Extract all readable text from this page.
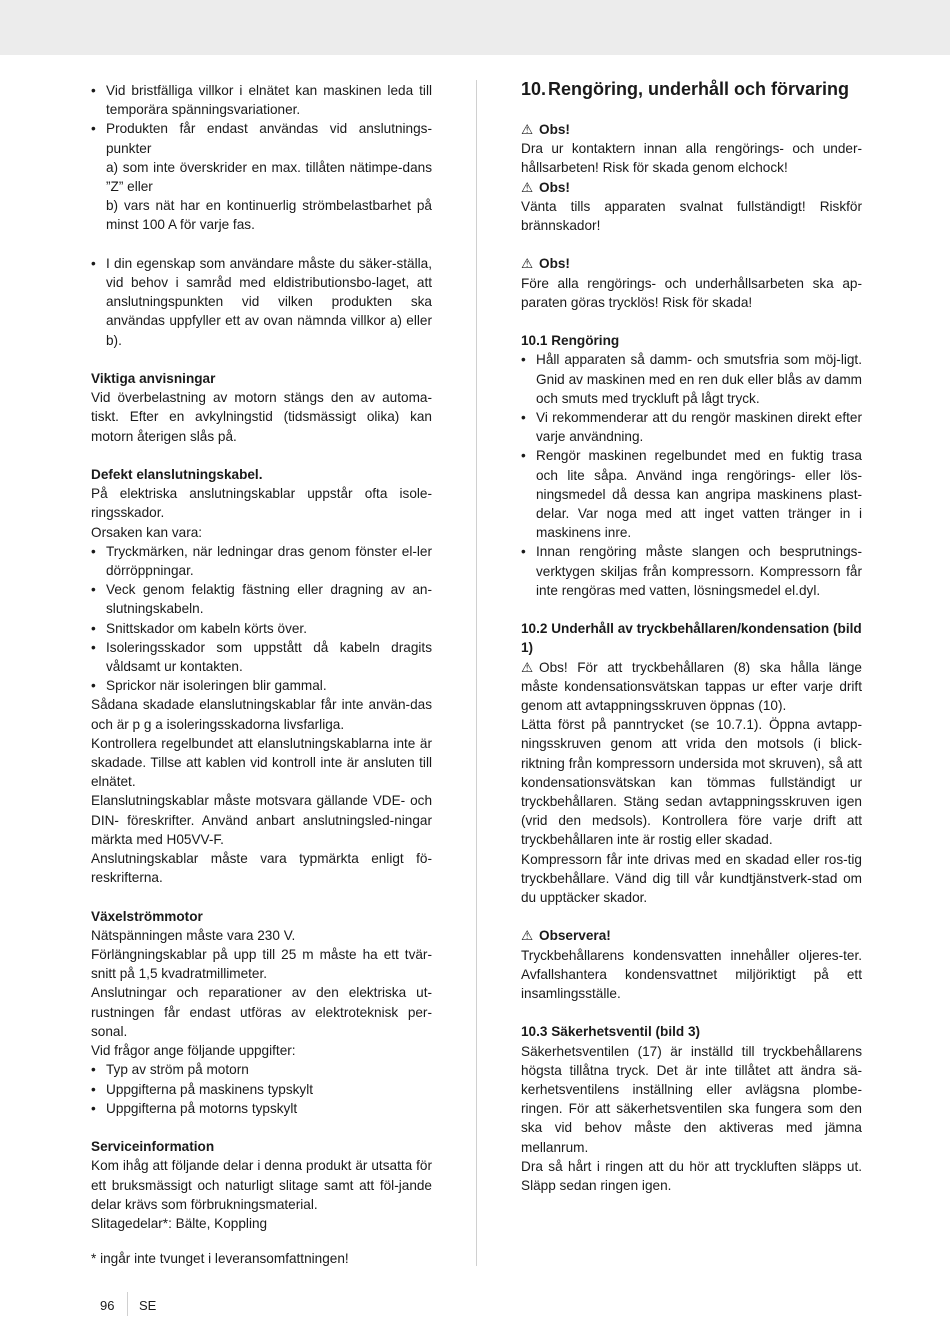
• Vid bristfälliga villkor i elnätet kan maskinen leda till temporära spänningsvariationer.
• Produkten får endast användas vid anslutnings-punkter
a) som inte överskrider en max. tillåten nätimpe-dans ”Z” eller
b) vars nät har en kontinuerlig strömbelastbarhet på minst 100 A för varje fas.
• I din egenskap som användare måste du säker-ställa, vid behov i samråd med eldistributionsbo-laget, att anslutningspunkten vid vilken produkten ska användas uppfyller ett av ovan nämnda villkor a) eller b).

Viktiga anvisningar

Vid överbelastning av motorn stängs den av automa-tiskt. Efter en avkylningstid (tidsmässigt olika) kan motorn återigen slås på.

Defekt elanslutningskabel.

På elektriska anslutningskablar uppstår ofta isole-ringsskador.

Orsaken kan vara:

• Tryckmärken, när ledningar dras genom fönster el-ler dörröppningar.
• Veck genom felaktig fästning eller dragning av an-slutningskabeln.
• Snittskador om kabeln körts över.
• Isoleringsskador som uppstått då kabeln dragits våldsamt ur kontakten.
• Sprickor när isoleringen blir gammal.

Sådana skadade elanslutningskablar får inte använ-das och är p g a isoleringsskadorna livsfarliga.

Kontrollera regelbundet att elanslutningskablarna inte är skadade. Tillse att kablen vid kontroll inte är ansluten till elnätet.

Elanslutningskablar måste motsvara gällande VDE- och DIN- föreskrifter. Använd anbart anslutningsled-ningar märkta med H05VV-F.

Anslutningskablar måste vara typmärkta enligt fö-reskrifterna.

Växelströmmotor

Nätspänningen måste vara 230 V.

Förlängningskablar på upp till 25 m måste ha ett tvär-snitt på 1,5 kvadratmillimeter.

Anslutningar och reparationer av den elektriska ut-rustningen får endast utföras av elektroteknisk per-sonal.

Vid frågor ange följande uppgifter:

• Typ av ström på motorn
• Uppgifterna på maskinens typskylt
• Uppgifterna på motorns typskylt

Serviceinformation

Kom ihåg att följande delar i denna produkt är utsatta för ett bruksmässigt och naturligt slitage samt att föl-jande delar krävs som förbrukningsmaterial.

Slitagedelar*: Bälte, Koppling

10. Rengöring, underhåll och förvaring

⚠ Obs!

Dra ur kontaktern innan alla rengörings- och under-hållsarbeten! Risk för skada genom elchock!

⚠ Obs!

Vänta tills apparaten svalnat fullständigt! Riskför brännskador!

⚠ Obs!

Före alla rengörings- och underhållsarbeten ska ap-paraten göras trycklös! Risk för skada!

10.1 Rengöring

• Håll apparaten så damm- och smutsfria som möj-ligt. Gnid av maskinen med en ren duk eller blås av damm och smuts med tryckluft på lågt tryck.
• Vi rekommenderar att du rengör maskinen direkt efter varje användning.
• Rengör maskinen regelbundet med en fuktig trasa och lite såpa. Använd inga rengörings- eller lös-ningsmedel då dessa kan angripa maskinens plast-delar. Var noga med att inget vatten tränger in i maskinens inre.
• Innan rengöring måste slangen och besprutnings-verktygen skiljas från kompressorn. Kompressorn får inte rengöras med vatten, lösningsmedel el.dyl.

10.2 Underhåll av tryckbehållaren/kondensation (bild 1)

⚠ Obs! För att tryckbehållaren (8) ska hålla länge måste kondensationsvätskan tappas ur efter varje drift genom att avtappningsskruven öppnas (10).

Lätta först på panntrycket (se 10.7.1). Öppna avtapp-ningsskruven genom att vrida den motsols (i blick-riktning från kompressorn undersida mot skruven), så att kondensationsvätskan kan tömmas fullständigt ur tryckbehållaren. Stäng sedan avtappningsskruven igen (vrid den medsols). Kontrollera före varje drift att tryckbehållaren inte är rostig eller skadad.

Kompressorn får inte drivas med en skadad eller ros-tig tryckbehållare. Vänd dig till vår kundtjänstverk-stad om du upptäcker skador.

⚠ Observera!

Tryckbehållarens kondensvatten innehåller oljeres-ter. Avfallshantera kondensvattnet miljöriktigt på ett insamlingsställe.

10.3 Säkerhetsventil (bild 3)

Säkerhetsventilen (17) är inställd till tryckbehållarens högsta tillåtna tryck. Det är inte tillåtet att ändra sä-kerhetsventilens inställning eller avlägsna plombe-ringen. För att säkerhetsventilen ska fungera som den ska vid behov måste den aktiveras med jämna mellanrum.

Dra så hårt i ringen att du hör att tryckluften släpps ut. Släpp sedan ringen igen.

* ingår inte tvunget i leveransomfattningen!

96 SE
